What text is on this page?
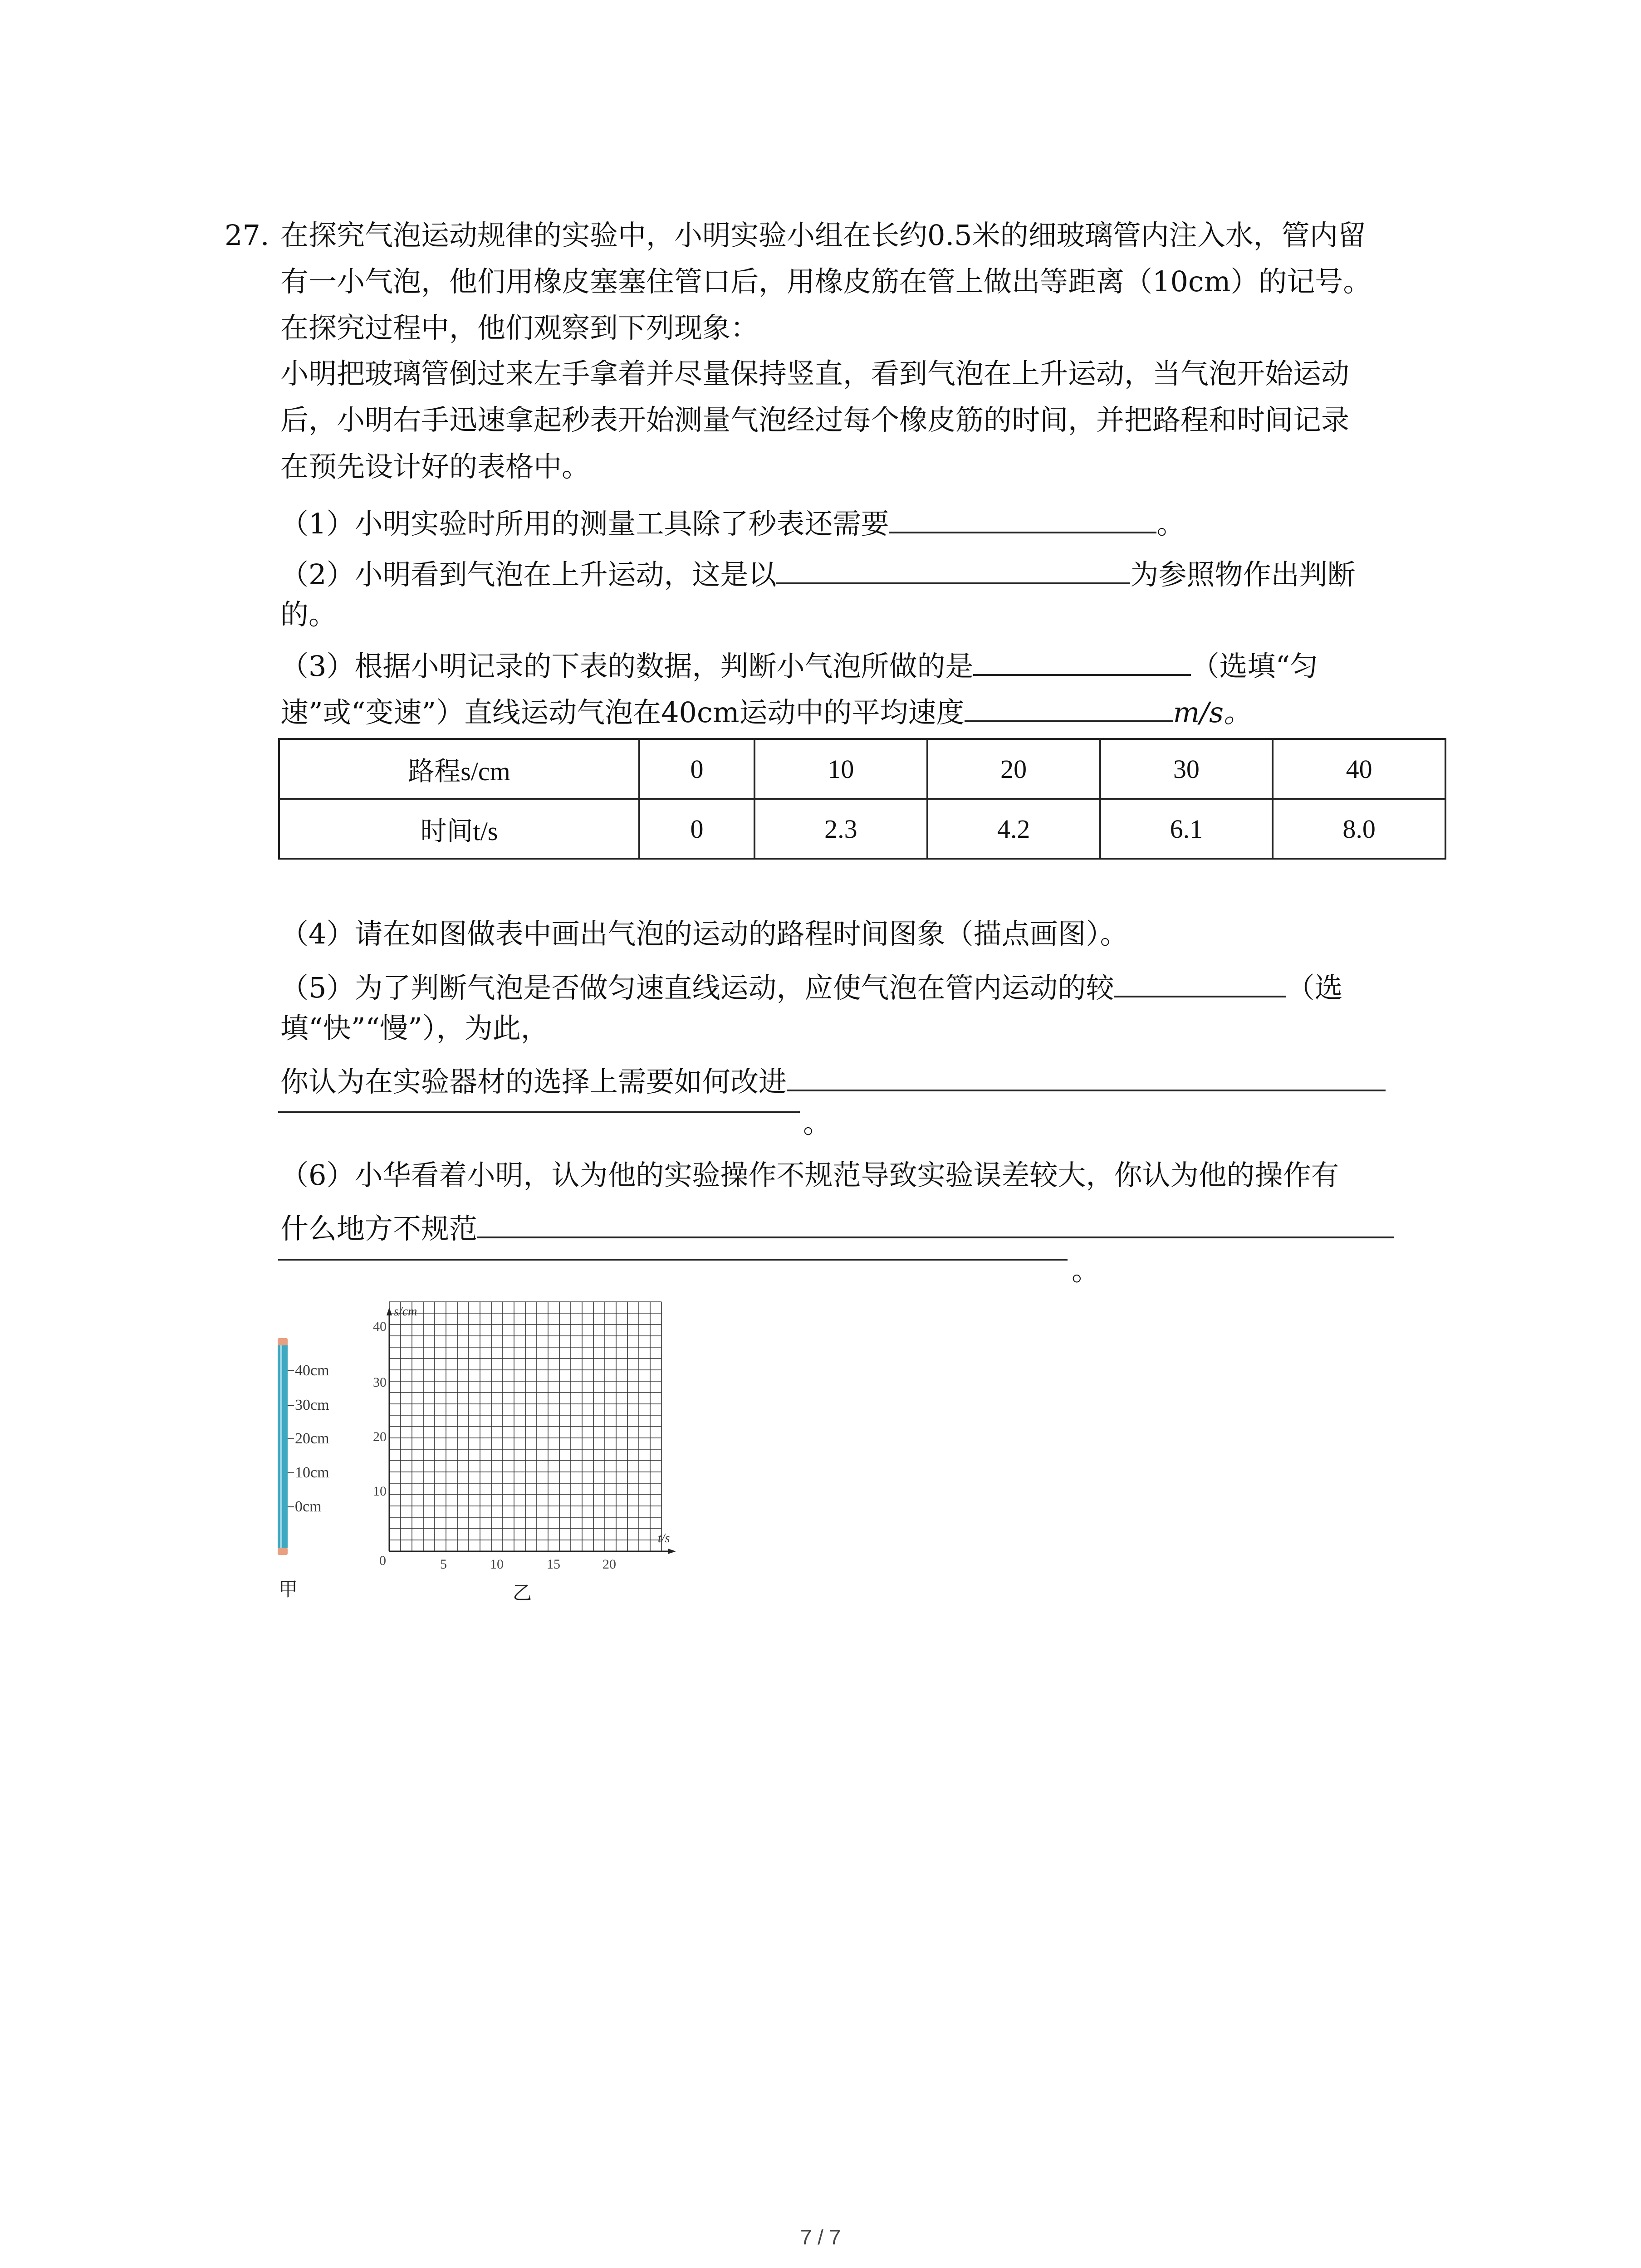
27. 在探究气泡运动规律的实验中，小明实验小组在长约0.5米的细玻璃管内注入水，管内留
有一小气泡，他们用橡皮塞塞住管口后，用橡皮筋在管上做出等距离（10cm）的记号。
在探究过程中，他们观察到下列现象：
小明把玻璃管倒过来左手拿着并尽量保持竖直，看到气泡在上升运动，当气泡开始运动
后，小明右手迅速拿起秒表开始测量气泡经过每个橡皮筋的时间，并把路程和时间记录
在预先设计好的表格中。
（1）小明实验时所用的测量工具除了秒表还需要	。
（2）小明看到气泡在上升运动，这是以	为参照物作出判断
的。
（3）根据小明记录的下表的数据，判断小气泡所做的是	（选填“匀
速”或“变速”）直线运动气泡在40cm运动中的平均速度	m/s。
路程s/cm	0	10	20	30	40
时间t/s	0	2.3	4.2	6.1	8.0
（4）请在如图做表中画出气泡的运动的路程时间图象（描点画图）。
（5）为了判断气泡是否做匀速直线运动，应使气泡在管内运动的较	（选
填“快”“慢”），为此，
你认为在实验器材的选择上需要如何改进
。
（6）小华看着小明，认为他的实验操作不规范导致实验误差较大，你认为他的操作有
什么地方不规范
。
40cm
30cm
20cm
10cm
0cm
甲
s/cm
t/s
40
30
20
10
0	5	10	15	20
乙
7 / 7
